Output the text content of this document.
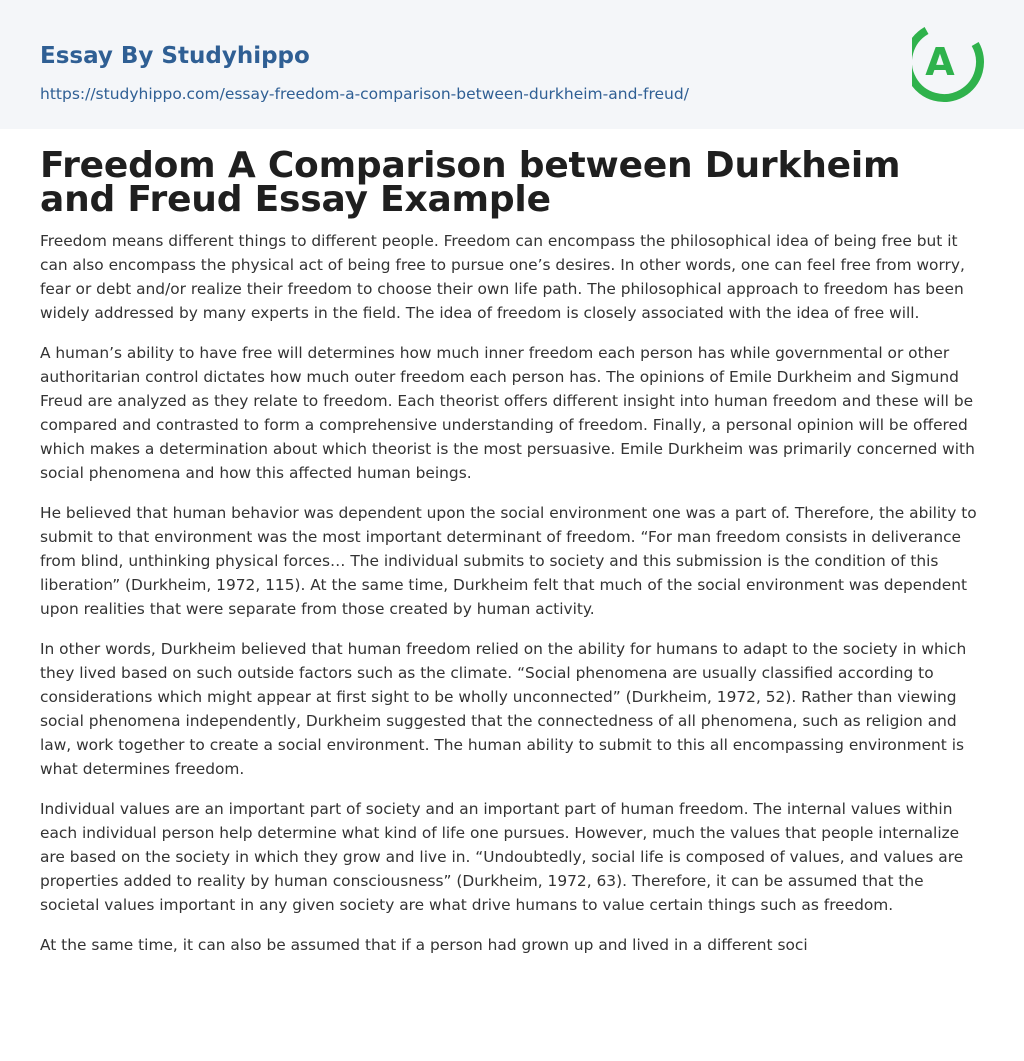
Essay By Studyhippo
https://studyhippo.com/essay-freedom-a-comparison-between-durkheim-and-freud/
A
Freedom A Comparison between Durkheim and Freud Essay Example

Freedom means different things to different people. Freedom can encompass the philosophical idea of being free but it can also encompass the physical act of being free to pursue one’s desires. In other words, one can feel free from worry, fear or debt and/or realize their freedom to choose their own life path. The philosophical approach to freedom has been widely addressed by many experts in the field. The idea of freedom is closely associated with the idea of free will.

A human’s ability to have free will determines how much inner freedom each person has while governmental or other authoritarian control dictates how much outer freedom each person has. The opinions of Emile Durkheim and Sigmund Freud are analyzed as they relate to freedom. Each theorist offers different insight into human freedom and these will be compared and contrasted to form a comprehensive understanding of freedom. Finally, a personal opinion will be offered which makes a determination about which theorist is the most persuasive. Emile Durkheim was primarily concerned with social phenomena and how this affected human beings.

He believed that human behavior was dependent upon the social environment one was a part of. Therefore, the ability to submit to that environment was the most important determinant of freedom. “For man freedom consists in deliverance from blind, unthinking physical forces… The individual submits to society and this submission is the condition of this liberation” (Durkheim, 1972, 115). At the same time, Durkheim felt that much of the social environment was dependent upon realities that were separate from those created by human activity.

In other words, Durkheim believed that human freedom relied on the ability for humans to adapt to the society in which they lived based on such outside factors such as the climate. “Social phenomena are usually classified according to considerations which might appear at first sight to be wholly unconnected” (Durkheim, 1972, 52). Rather than viewing social phenomena independently, Durkheim suggested that the connectedness of all phenomena, such as religion and law, work together to create a social environment. The human ability to submit to this all encompassing environment is what determines freedom.

Individual values are an important part of society and an important part of human freedom. The internal values within each individual person help determine what kind of life one pursues. However, much the values that people internalize are based on the society in which they grow and live in. “Undoubtedly, social life is composed of values, and values are properties added to reality by human consciousness” (Durkheim, 1972, 63). Therefore, it can be assumed that the societal values important in any given society are what drive humans to value certain things such as freedom.

At the same time, it can also be assumed that if a person had grown up and lived in a different soci
